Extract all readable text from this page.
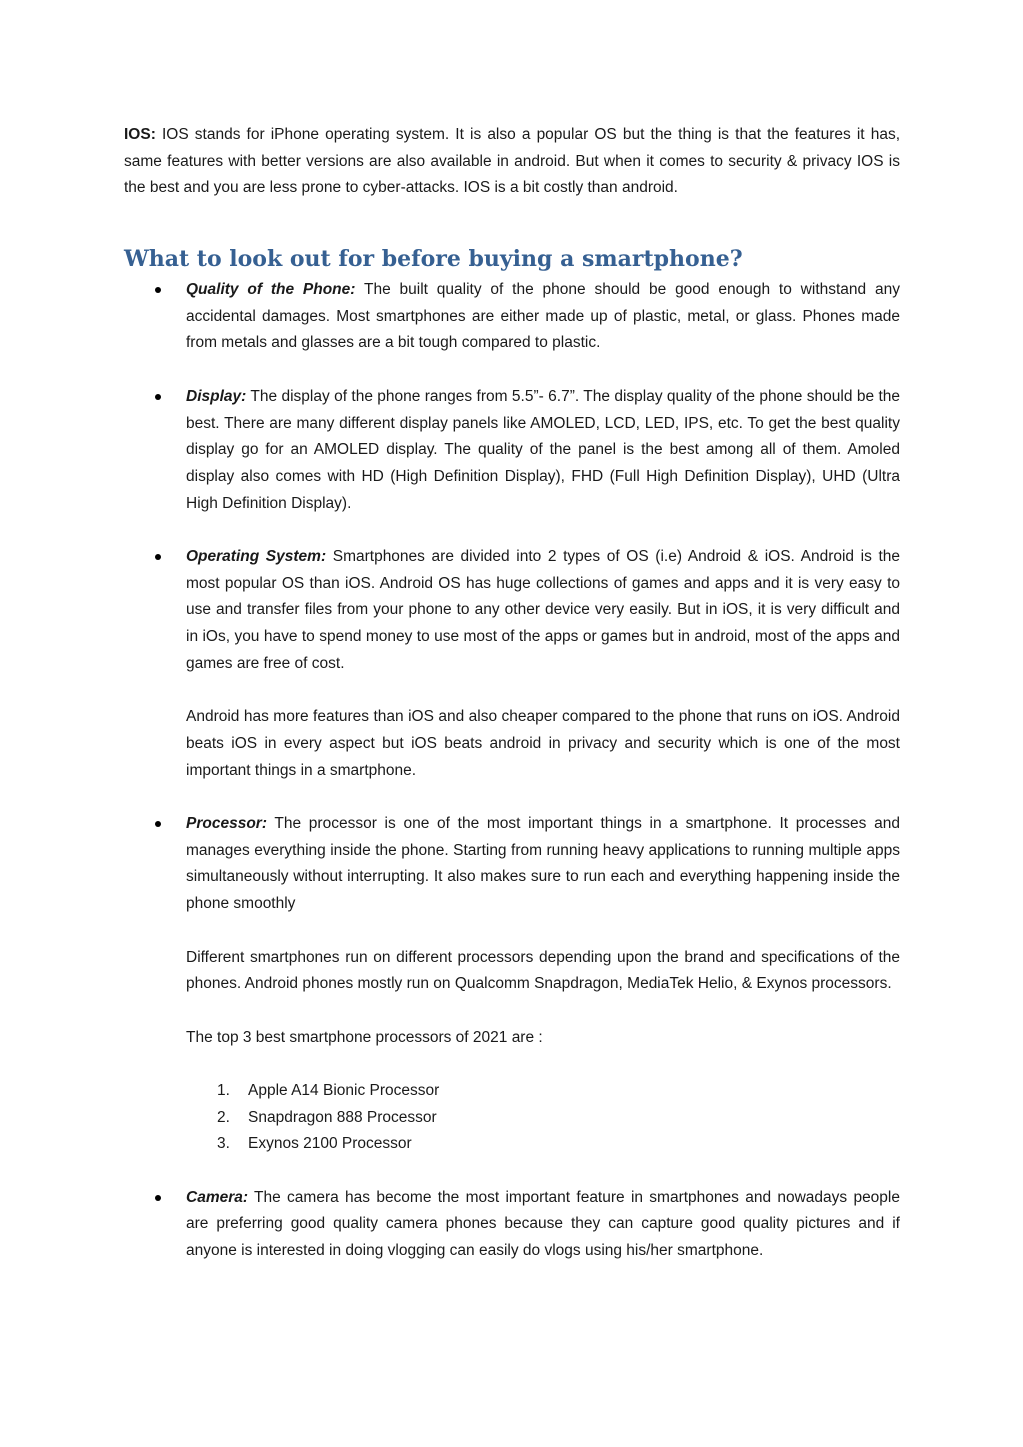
IOS: IOS stands for iPhone operating system. It is also a popular OS but the thing is that the features it has, same features with better versions are also available in android. But when it comes to security & privacy IOS is the best and you are less prone to cyber-attacks. IOS is a bit costly than android.

What to look out for before buying a smartphone?

Quality of the Phone: The built quality of the phone should be good enough to withstand any accidental damages. Most smartphones are either made up of plastic, metal, or glass. Phones made from metals and glasses are a bit tough compared to plastic.

Display: The display of the phone ranges from 5.5”- 6.7”. The display quality of the phone should be the best. There are many different display panels like AMOLED, LCD, LED, IPS, etc. To get the best quality display go for an AMOLED display. The quality of the panel is the best among all of them. Amoled display also comes with HD (High Definition Display), FHD (Full High Definition Display), UHD (Ultra High Definition Display).

Operating System: Smartphones are divided into 2 types of OS (i.e) Android & iOS. Android is the most popular OS than iOS. Android OS has huge collections of games and apps and it is very easy to use and transfer files from your phone to any other device very easily. But in iOS, it is very difficult and in iOs, you have to spend money to use most of the apps or games but in android, most of the apps and games are free of cost.

Android has more features than iOS and also cheaper compared to the phone that runs on iOS. Android beats iOS in every aspect but iOS beats android in privacy and security which is one of the most important things in a smartphone.

Processor: The processor is one of the most important things in a smartphone. It processes and manages everything inside the phone. Starting from running heavy applications to running multiple apps simultaneously without interrupting. It also makes sure to run each and everything happening inside the phone smoothly

Different smartphones run on different processors depending upon the brand and specifications of the phones. Android phones mostly run on Qualcomm Snapdragon, MediaTek Helio, & Exynos processors.

The top 3 best smartphone processors of 2021 are :

1. Apple A14 Bionic Processor
2. Snapdragon 888 Processor
3. Exynos 2100 Processor

Camera: The camera has become the most important feature in smartphones and nowadays people are preferring good quality camera phones because they can capture good quality pictures and if anyone is interested in doing vlogging can easily do vlogs using his/her smartphone.
